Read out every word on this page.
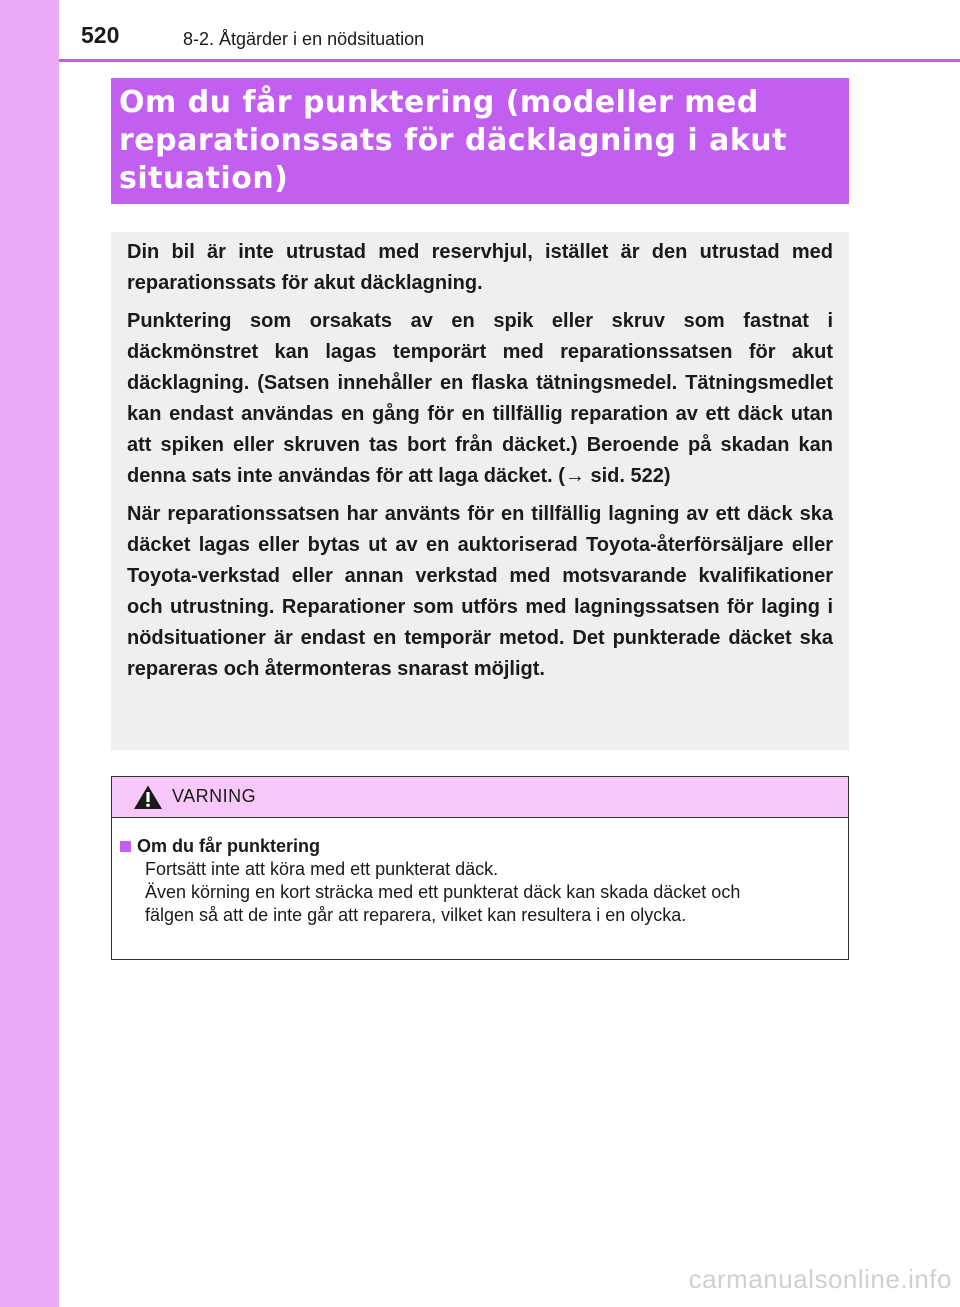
520	8-2. Åtgärder i en nödsituation
Om du får punktering (modeller med
reparationssats för däcklagning i akut
situation)

Din bil är inte utrustad med reservhjul, istället är den utrustad med reparationssats för akut däcklagning.

Punktering som orsakats av en spik eller skruv som fastnat i däckmönstret kan lagas temporärt med reparationssatsen för akut däcklagning. (Satsen innehåller en flaska tätningsmedel. Tätningsmedlet kan endast användas en gång för en tillfällig reparation av ett däck utan att spiken eller skruven tas bort från däcket.) Beroende på skadan kan denna sats inte användas för att laga däcket. (→ sid. 522)

När reparationssatsen har använts för en tillfällig lagning av ett däck ska däcket lagas eller bytas ut av en auktoriserad Toyota-återförsäljare eller Toyota-verkstad eller annan verkstad med motsvarande kvalifikationer och utrustning. Reparationer som utförs med lagningssatsen för laging i nödsituationer är endast en temporär metod. Det punkterade däcket ska repareras och återmonteras snarast möjligt.

VARNING
Om du får punktering

Fortsätt inte att köra med ett punkterat däck.
Även körning en kort sträcka med ett punkterat däck kan skada däcket och
fälgen så att de inte går att reparera, vilket kan resultera i en olycka.

carmanualsonline.info
